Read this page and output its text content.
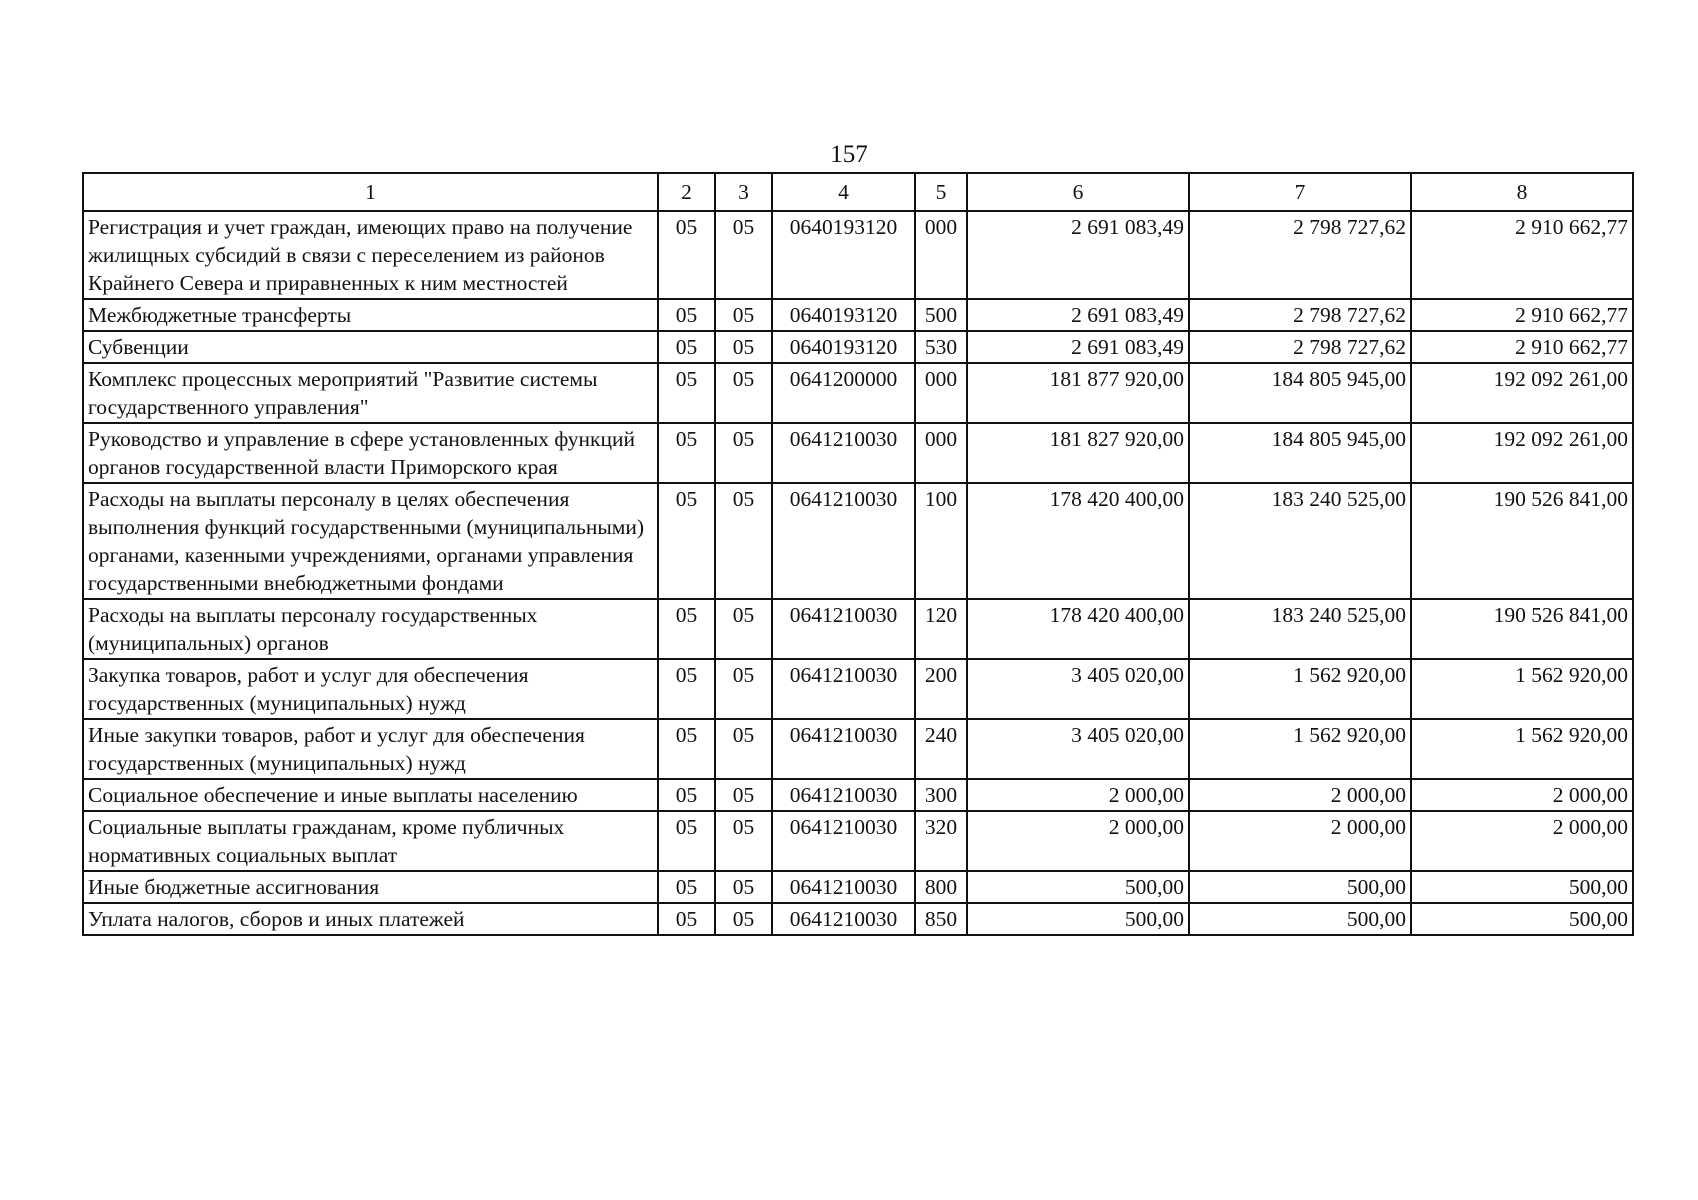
157
1	2	3	4	5	6	7	8
Регистрация и учет граждан, имеющих право на получение жилищных субсидий в связи с переселением из районов Крайнего Севера и приравненных к ним местностей	05	05	0640193120	000	2 691 083,49	2 798 727,62	2 910 662,77
Межбюджетные трансферты	05	05	0640193120	500	2 691 083,49	2 798 727,62	2 910 662,77
Субвенции	05	05	0640193120	530	2 691 083,49	2 798 727,62	2 910 662,77
Комплекс процессных мероприятий "Развитие системы государственного управления"	05	05	0641200000	000	181 877 920,00	184 805 945,00	192 092 261,00
Руководство и управление в сфере установленных функций органов государственной власти Приморского края	05	05	0641210030	000	181 827 920,00	184 805 945,00	192 092 261,00
Расходы на выплаты персоналу в целях обеспечения выполнения функций государственными (муниципальными) органами, казенными учреждениями, органами управления государственными внебюджетными фондами	05	05	0641210030	100	178 420 400,00	183 240 525,00	190 526 841,00
Расходы на выплаты персоналу государственных (муниципальных) органов	05	05	0641210030	120	178 420 400,00	183 240 525,00	190 526 841,00
Закупка товаров, работ и услуг для обеспечения государственных (муниципальных) нужд	05	05	0641210030	200	3 405 020,00	1 562 920,00	1 562 920,00
Иные закупки товаров, работ и услуг для обеспечения государственных (муниципальных) нужд	05	05	0641210030	240	3 405 020,00	1 562 920,00	1 562 920,00
Социальное обеспечение и иные выплаты населению	05	05	0641210030	300	2 000,00	2 000,00	2 000,00
Социальные выплаты гражданам, кроме публичных нормативных социальных выплат	05	05	0641210030	320	2 000,00	2 000,00	2 000,00
Иные бюджетные ассигнования	05	05	0641210030	800	500,00	500,00	500,00
Уплата налогов, сборов и иных платежей	05	05	0641210030	850	500,00	500,00	500,00
